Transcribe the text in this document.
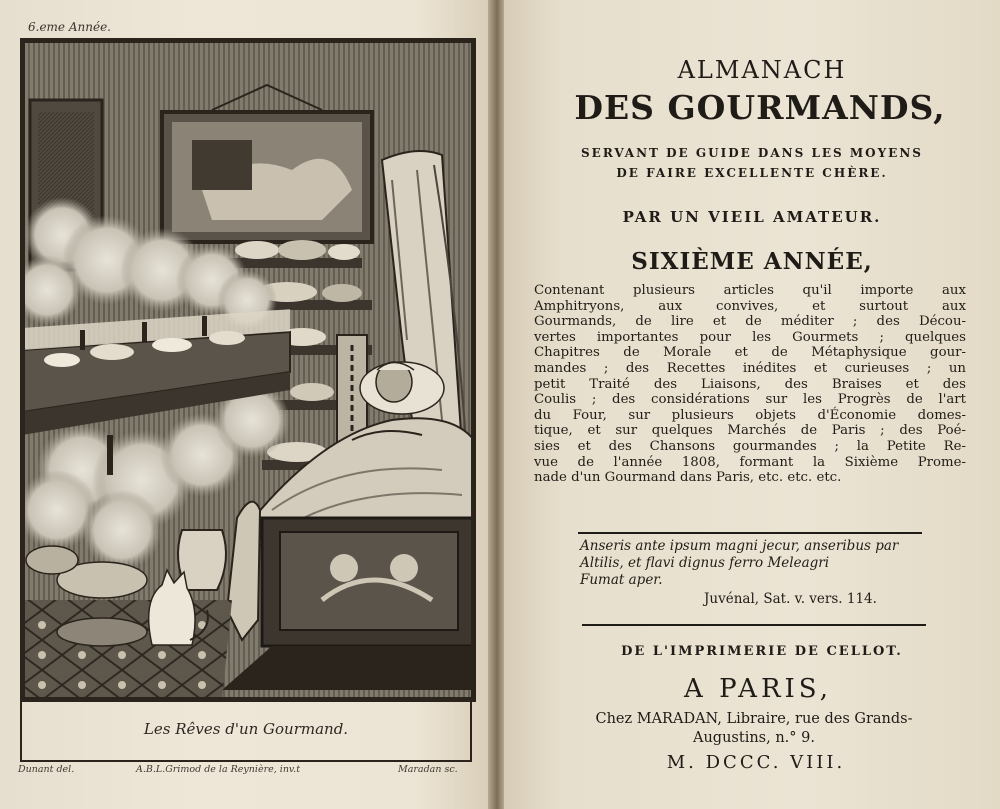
6.eme Année.
Les Rêves d'un Gourmand.
Dunant del.	A.B.L.Grimod de la Reynière, inv.t	Maradan sc.
ALMANACH
DES GOURMANDS,
SERVANT DE GUIDE DANS LES MOYENS
DE FAIRE EXCELLENTE CHÈRE.
PAR UN VIEIL AMATEUR.
SIXIÈME ANNÉE,
Contenant plusieurs articles qu'il importe aux
Amphitryons, aux convives, et surtout aux
Gourmands, de lire et de méditer ; des Décou-
vertes importantes pour les Gourmets ; quelques
Chapitres de Morale et de Métaphysique gour-
mandes ; des Recettes inédites et curieuses ; un
petit Traité des Liaisons, des Braises et des
Coulis ; des considérations sur les Progrès de l'art
du Four, sur plusieurs objets d'Économie domes-
tique, et sur quelques Marchés de Paris ; des Poé-
sies et des Chansons gourmandes ; la Petite Re-
vue de l'année 1808, formant la Sixième Prome-
nade d'un Gourmand dans Paris, etc. etc. etc.
Anseris ante ipsum magni jecur, anseribus par
Altilis, et flavi dignus ferro Meleagri
Fumat aper.
Juvénal, Sat. v. vers. 114.
DE L'IMPRIMERIE DE CELLOT.
A PARIS,
Chez MARADAN, Libraire, rue des Grands-
Augustins, n.° 9.
M. DCCC. VIII.
